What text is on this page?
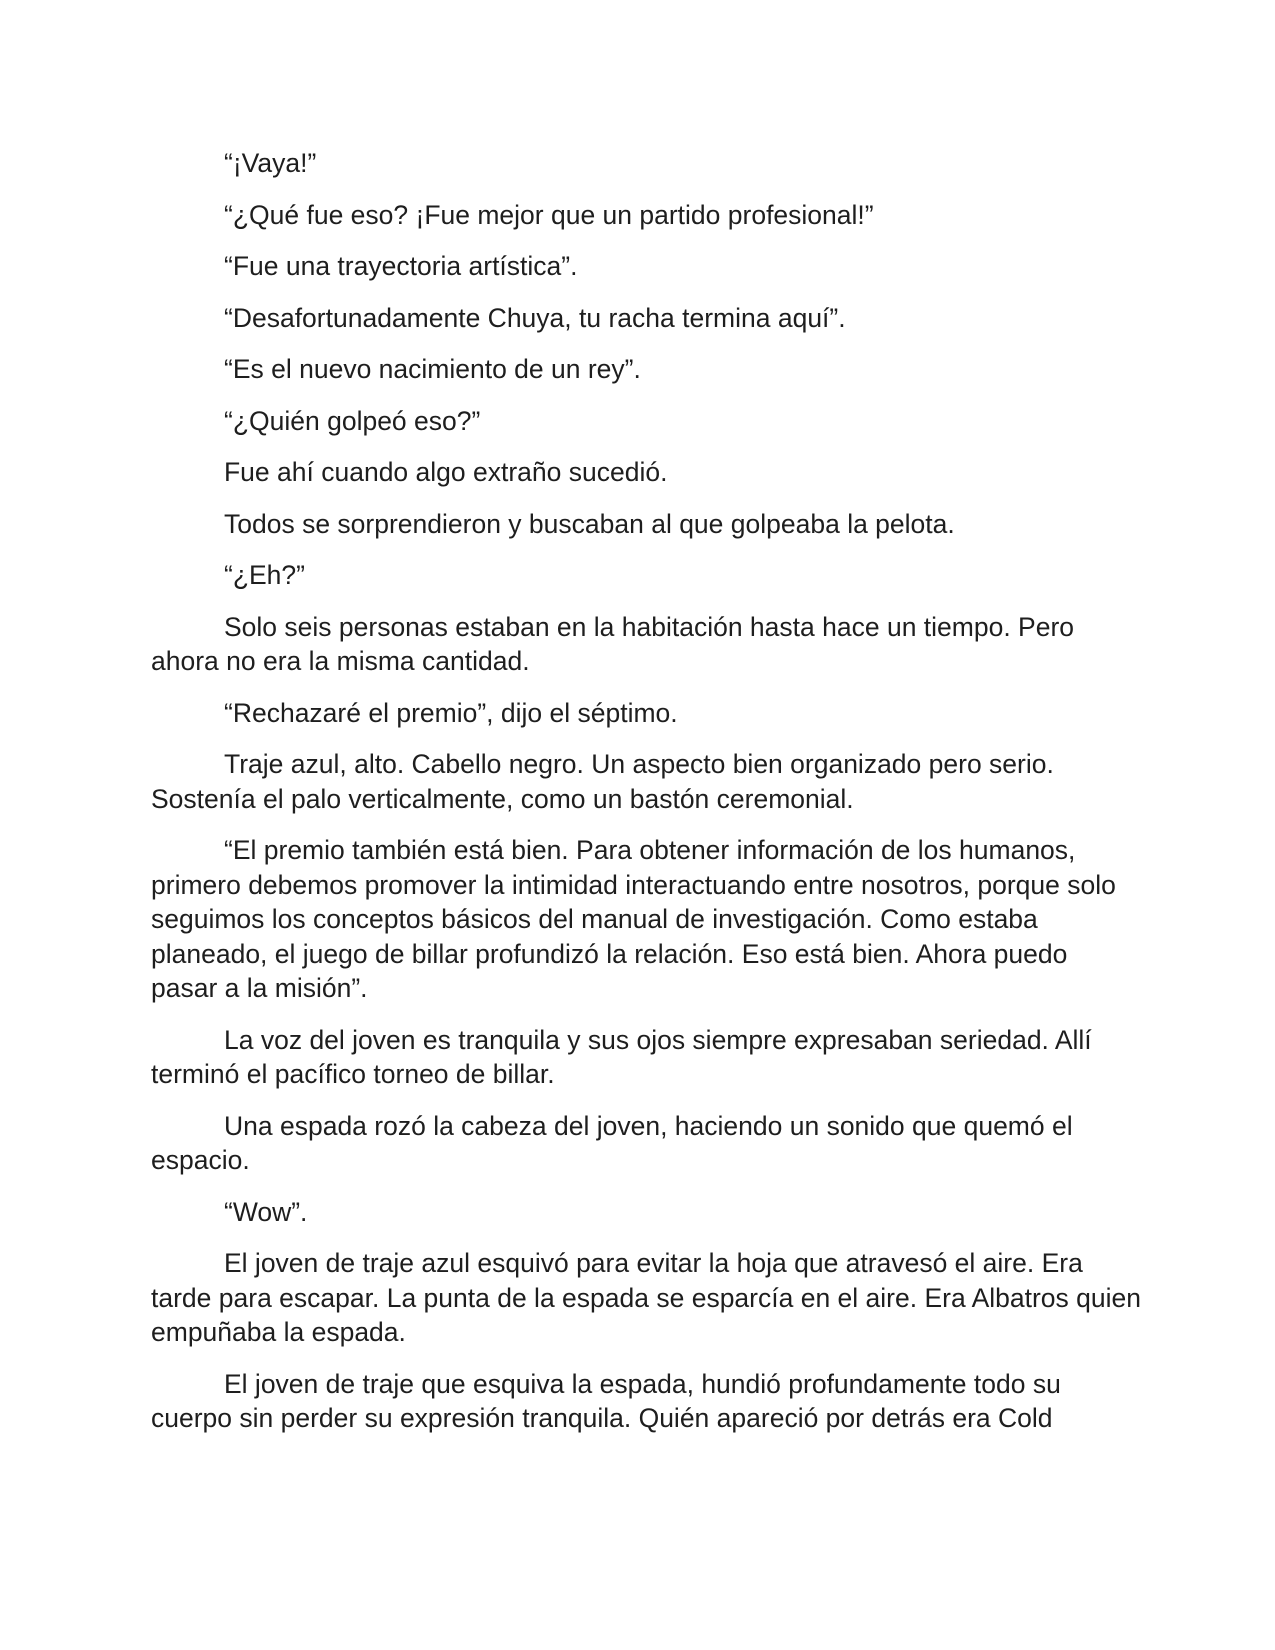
“¡Vaya!”

“¿Qué fue eso? ¡Fue mejor que un partido profesional!”

“Fue una trayectoria artística”.

“Desafortunadamente Chuya, tu racha termina aquí”.

“Es el nuevo nacimiento de un rey”.

“¿Quién golpeó eso?”

Fue ahí cuando algo extraño sucedió.

Todos se sorprendieron y buscaban al que golpeaba la pelota.

“¿Eh?”

Solo seis personas estaban en la habitación hasta hace un tiempo. Pero ahora no era la misma cantidad.

“Rechazaré el premio”, dijo el séptimo.

Traje azul, alto. Cabello negro. Un aspecto bien organizado pero serio. Sostenía el palo verticalmente, como un bastón ceremonial.

“El premio también está bien. Para obtener información de los humanos, primero debemos promover la intimidad interactuando entre nosotros, porque solo seguimos los conceptos básicos del manual de investigación. Como estaba planeado, el juego de billar profundizó la relación. Eso está bien. Ahora puedo pasar a la misión”.

La voz del joven es tranquila y sus ojos siempre expresaban seriedad. Allí terminó el pacífico torneo de billar.

Una espada rozó la cabeza del joven, haciendo un sonido que quemó el espacio.

“Wow”.

El joven de traje azul esquivó para evitar la hoja que atravesó el aire. Era tarde para escapar. La punta de la espada se esparcía en el aire. Era Albatros quien empuñaba la espada.

El joven de traje que esquiva la espada, hundió profundamente todo su cuerpo sin perder su expresión tranquila. Quién apareció por detrás era Cold
